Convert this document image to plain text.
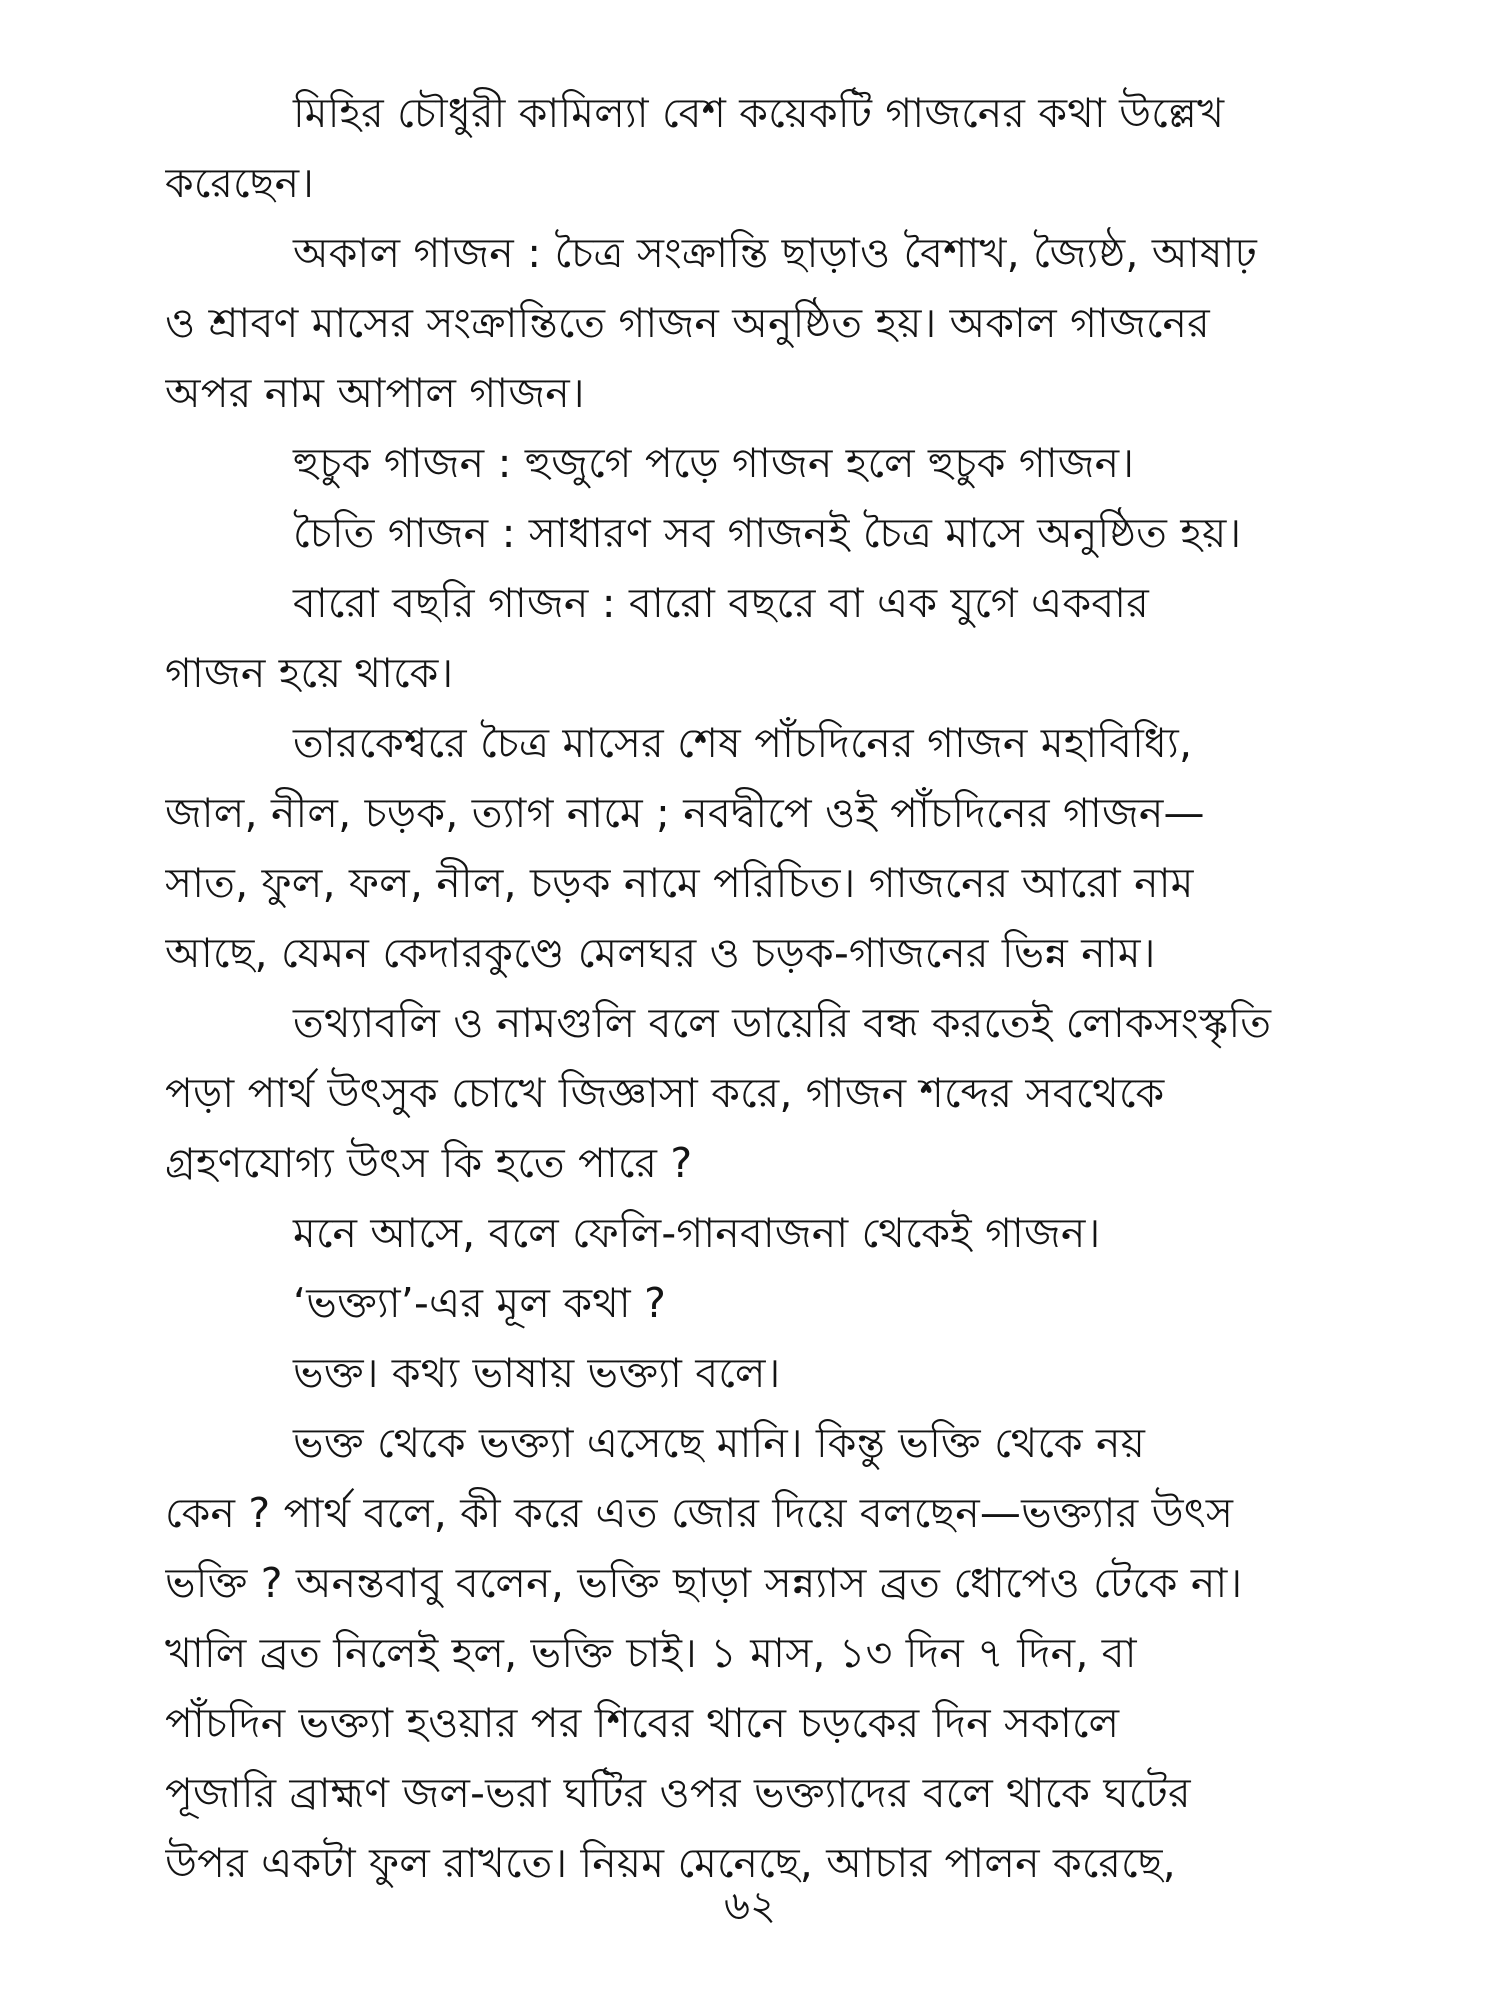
মিহির চৌধুরী কামিল্যা বেশ কয়েকটি গাজনের কথা উল্লেখ
করেছেন।
অকাল গাজন : চৈত্র সংক্রান্তি ছাড়াও বৈশাখ, জ্যৈষ্ঠ, আষাঢ়
ও শ্রাবণ মাসের সংক্রান্তিতে গাজন অনুষ্ঠিত হয়। অকাল গাজনের
অপর নাম আপাল গাজন।
হুচুক গাজন : হুজুগে পড়ে গাজন হলে হুচুক গাজন।
চৈতি গাজন : সাধারণ সব গাজনই চৈত্র মাসে অনুষ্ঠিত হয়।
বারো বছরি গাজন : বারো বছরে বা এক যুগে একবার
গাজন হয়ে থাকে।
তারকেশ্বরে চৈত্র মাসের শেষ পাঁচদিনের গাজন মহাবিধ্যি,
জাল, নীল, চড়ক, ত্যাগ নামে ; নবদ্বীপে ওই পাঁচদিনের গাজন—
সাত, ফুল, ফল, নীল, চড়ক নামে পরিচিত। গাজনের আরো নাম
আছে, যেমন কেদারকুণ্ডে মেলঘর ও চড়ক-গাজনের ভিন্ন নাম।
তথ্যাবলি ও নামগুলি বলে ডায়েরি বন্ধ করতেই লোকসংস্কৃতি
পড়া পার্থ উৎসুক চোখে জিজ্ঞাসা করে, গাজন শব্দের সবথেকে
গ্রহণযোগ্য উৎস কি হতে পারে ?
মনে আসে, বলে ফেলি-গানবাজনা থেকেই গাজন।
‘ভক্ত্যা’-এর মূল কথা ?
ভক্ত। কথ্য ভাষায় ভক্ত্যা বলে।
ভক্ত থেকে ভক্ত্যা এসেছে মানি। কিন্তু ভক্তি থেকে নয়
কেন ? পার্থ বলে, কী করে এত জোর দিয়ে বলছেন—ভক্ত্যার উৎস
ভক্তি ? অনন্তবাবু বলেন, ভক্তি ছাড়া সন্ন্যাস ব্রত ধোপেও টেকে না।
খালি ব্রত নিলেই হল, ভক্তি চাই। ১ মাস, ১৩ দিন ৭ দিন, বা
পাঁচদিন ভক্ত্যা হওয়ার পর শিবের থানে চড়কের দিন সকালে
পূজারি ব্রাহ্মণ জল-ভরা ঘটির ওপর ভক্ত্যাদের বলে থাকে ঘটের
উপর একটা ফুল রাখতে। নিয়ম মেনেছে, আচার পালন করেছে,
৬২
